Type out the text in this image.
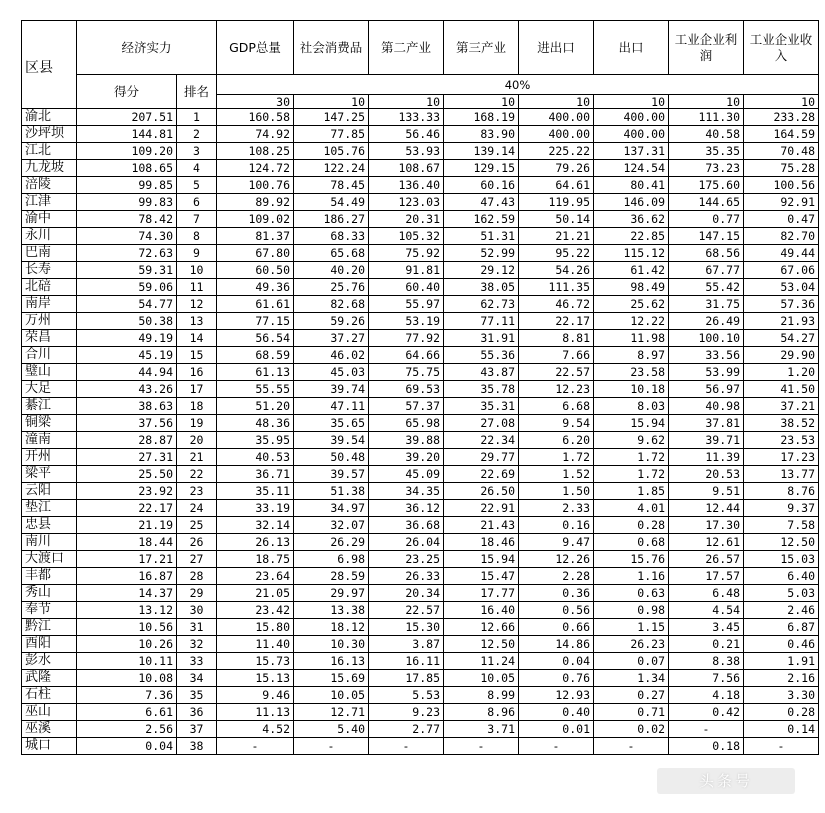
区县	经济实力		GDP总量	社会消费品	第二产业	第三产业	进出口	出口	工业企业利润	工业企业收入
	得分	排名	40%							
			30	10	10	10	10	10	10	10
渝北	207.51	1	160.58	147.25	133.33	168.19	400.00	400.00	111.30	233.28
沙坪坝	144.81	2	74.92	77.85	56.46	83.90	400.00	400.00	40.58	164.59
江北	109.20	3	108.25	105.76	53.93	139.14	225.22	137.31	35.35	70.48
九龙坡	108.65	4	124.72	122.24	108.67	129.15	79.26	124.54	73.23	75.28
涪陵	99.85	5	100.76	78.45	136.40	60.16	64.61	80.41	175.60	100.56
江津	99.83	6	89.92	54.49	123.03	47.43	119.95	146.09	144.65	92.91
渝中	78.42	7	109.02	186.27	20.31	162.59	50.14	36.62	0.77	0.47
永川	74.30	8	81.37	68.33	105.32	51.31	21.21	22.85	147.15	82.70
巴南	72.63	9	67.80	65.68	75.92	52.99	95.22	115.12	68.56	49.44
长寿	59.31	10	60.50	40.20	91.81	29.12	54.26	61.42	67.77	67.06
北碚	59.06	11	49.36	25.76	60.40	38.05	111.35	98.49	55.42	53.04
南岸	54.77	12	61.61	82.68	55.97	62.73	46.72	25.62	31.75	57.36
万州	50.38	13	77.15	59.26	53.19	77.11	22.17	12.22	26.49	21.93
荣昌	49.19	14	56.54	37.27	77.92	31.91	8.81	11.98	100.10	54.27
合川	45.19	15	68.59	46.02	64.66	55.36	7.66	8.97	33.56	29.90
璧山	44.94	16	61.13	45.03	75.75	43.87	22.57	23.58	53.99	1.20
大足	43.26	17	55.55	39.74	69.53	35.78	12.23	10.18	56.97	41.50
綦江	38.63	18	51.20	47.11	57.37	35.31	6.68	8.03	40.98	37.21
铜梁	37.56	19	48.36	35.65	65.98	27.08	9.54	15.94	37.81	38.52
潼南	28.87	20	35.95	39.54	39.88	22.34	6.20	9.62	39.71	23.53
开州	27.31	21	40.53	50.48	39.20	29.77	1.72	1.72	11.39	17.23
梁平	25.50	22	36.71	39.57	45.09	22.69	1.52	1.72	20.53	13.77
云阳	23.92	23	35.11	51.38	34.35	26.50	1.50	1.85	9.51	8.76
垫江	22.17	24	33.19	34.97	36.12	22.91	2.33	4.01	12.44	9.37
忠县	21.19	25	32.14	32.07	36.68	21.43	0.16	0.28	17.30	7.58
南川	18.44	26	26.13	26.29	26.04	18.46	9.47	0.68	12.61	12.50
大渡口	17.21	27	18.75	6.98	23.25	15.94	12.26	15.76	26.57	15.03
丰都	16.87	28	23.64	28.59	26.33	15.47	2.28	1.16	17.57	6.40
秀山	14.37	29	21.05	29.97	20.34	17.77	0.36	0.63	6.48	5.03
奉节	13.12	30	23.42	13.38	22.57	16.40	0.56	0.98	4.54	2.46
黔江	10.56	31	15.80	18.12	15.30	12.66	0.66	1.15	3.45	6.87
酉阳	10.26	32	11.40	10.30	3.87	12.50	14.86	26.23	0.21	0.46
彭水	10.11	33	15.73	16.13	16.11	11.24	0.04	0.07	8.38	1.91
武隆	10.08	34	15.13	15.69	17.85	10.05	0.76	1.34	7.56	2.16
石柱	7.36	35	9.46	10.05	5.53	8.99	12.93	0.27	4.18	3.30
巫山	6.61	36	11.13	12.71	9.23	8.96	0.40	0.71	0.42	0.28
巫溪	2.56	37	4.52	5.40	2.77	3.71	0.01	0.02	-	0.14
城口	0.04	38	-	-	-	-	-	-	0.18	-
头条号
